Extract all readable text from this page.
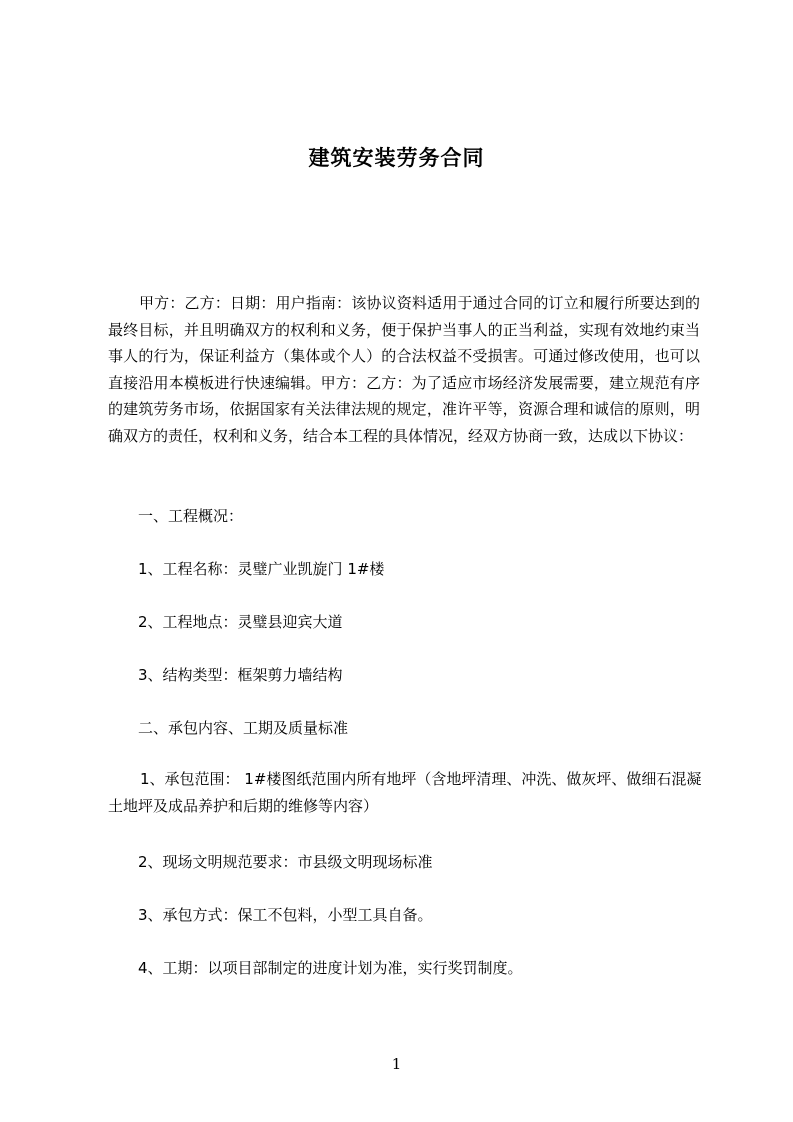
建筑安装劳务合同

甲方：乙方：日期：用户指南：该协议资料适用于通过合同的订立和履行所要达到的最终目标，并且明确双方的权利和义务，便于保护当事人的正当利益，实现有效地约束当事人的行为，保证利益方（集体或个人）的合法权益不受损害。可通过修改使用，也可以直接沿用本模板进行快速编辑。甲方：乙方：为了适应市场经济发展需要，建立规范有序的建筑劳务市场，依据国家有关法律法规的规定，准许平等，资源合理和诚信的原则，明确双方的责任，权利和义务，结合本工程的具体情况，经双方协商一致，达成以下协议：

一、工程概况：

1、工程名称：灵璧广业凯旋门 1#楼

2、工程地点：灵璧县迎宾大道

3、结构类型：框架剪力墙结构

二、承包内容、工期及质量标准

1、承包范围： 1#楼图纸范围内所有地坪（含地坪清理、冲洗、做灰坪、做细石混凝土地坪及成品养护和后期的维修等内容）

2、现场文明规范要求：市县级文明现场标准

3、承包方式：保工不包料，小型工具自备。

4、工期：以项目部制定的进度计划为准，实行奖罚制度。

1
